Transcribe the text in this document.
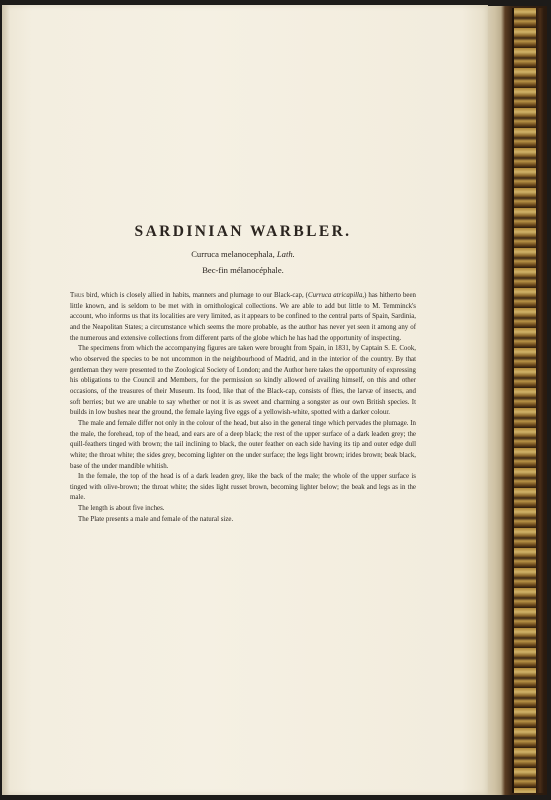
SARDINIAN WARBLER.
Curruca melanocephala, Lath.
Bec-fin mélanocéphale.

Thus bird, which is closely allied in habits, manners and plumage to our Black-cap, (Curruca atricapilla,) has hitherto been little known, and is seldom to be met with in ornithological collections. We are able to add but little to M. Temminck's account, who informs us that its localities are very limited, as it appears to be confined to the central parts of Spain, Sardinia, and the Neapolitan States; a circumstance which seems the more probable, as the author has never yet seen it among any of the numerous and extensive collections from different parts of the globe which he has had the opportunity of inspecting.

The specimens from which the accompanying figures are taken were brought from Spain, in 1831, by Captain S. E. Cook, who observed the species to be not uncommon in the neighbourhood of Madrid, and in the interior of the country. By that gentleman they were presented to the Zoological Society of London; and the Author here takes the opportunity of expressing his obligations to the Council and Members, for the permission so kindly allowed of availing himself, on this and other occasions, of the treasures of their Museum. Its food, like that of the Black-cap, consists of flies, the larvæ of insects, and soft berries; but we are unable to say whether or not it is as sweet and charming a songster as our own British species. It builds in low bushes near the ground, the female laying five eggs of a yellowish-white, spotted with a darker colour.

The male and female differ not only in the colour of the head, but also in the general tinge which pervades the plumage. In the male, the forehead, top of the head, and ears are of a deep black; the rest of the upper surface of a dark leaden grey; the quill-feathers tinged with brown; the tail inclining to black, the outer feather on each side having its tip and outer edge dull white; the throat white; the sides grey, becoming lighter on the under surface; the legs light brown; irides brown; beak black, base of the under mandible whitish.

In the female, the top of the head is of a dark leaden grey, like the back of the male; the whole of the upper surface is tinged with olive-brown; the throat white; the sides light russet brown, becoming lighter below; the beak and legs as in the male.

The length is about five inches.

The Plate presents a male and female of the natural size.
